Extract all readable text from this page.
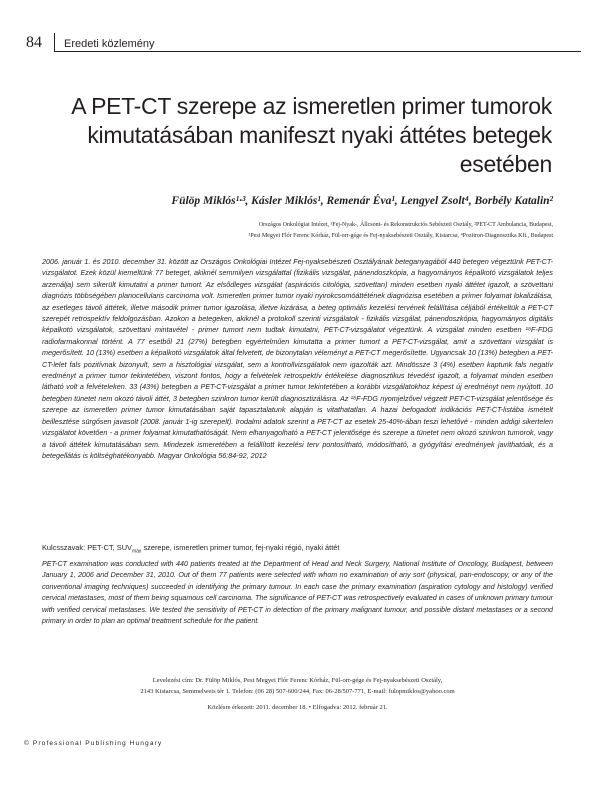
84 Eredeti közlemény
A PET-CT szerepe az ismeretlen primer tumorok kimutatásában manifeszt nyaki áttétes betegek esetében
Fülöp Miklós¹·³, Kásler Miklós¹, Remenár Éva¹, Lengyel Zsolt⁴, Borbély Katalin²
Országos Onkológiai Intézet, ¹Fej-Nyak-, Állcsont- és Rekonstrukciós Sebészeti Osztály, ²PET-CT Ambulancia, Budapest,
³Pest Megyei Flór Ferenc Kórház, Fül-orr-gége és Fej-nyaksebészeti Osztály, Kistarcsa, ⁴Pozitron-Diagnosztika Kft., Budapest
2006. január 1. és 2010. december 31. között az Országos Onkológiai Intézet Fej-nyaksebészeti Osztályának beteganyagából 440 betegen végeztünk PET-CT-vizsgálatot. Ezek közül kiemeltünk 77 beteget, akiknél semmilyen vizsgálattal (fizikális vizsgálat, pánendoszkópia, a hagyományos képalkotó vizsgálatok teljes arzenálja) sem sikerült kimutatni a primer tumort. Az elsődleges vizsgálat (aspirációs citológia, szövettan) minden esetben nyaki áttétet igazolt, a szövettani diagnózis többségében planocellularis carcinoma volt. Ismeretlen primer tumor nyaki nyirokcsomóáttétének diagnózisa esetében a primer folyamat lokalizálása, az esetleges távoli áttétek, illetve második primer tumor igazolása, illetve kizárása, a beteg optimális kezelési tervének felállítása céljából értékeltük a PET-CT szerepét retrospektív feldolgozásban. Azokon a betegeken, akiknél a protokoll szerinti vizsgálatok - fizikális vizsgálat, pánendoszkópia, hagyományos digitális képalkotó vizsgálatok, szövettani mintavétel - primer tumort nem tudtak kimutatni, PET-CT-vizsgálatot végeztünk. A vizsgálat minden esetben ¹⁸F-FDG radiofarmakonnal történt. A 77 esetből 21 (27%) betegben egyértelműen kimutatta a primer tumort a PET-CT-vizsgálat, amit a szövettani vizsgálat is megerősített. 10 (13%) esetben a képalkotó vizsgálatok által felvetett, de bizonytalan véleményt a PET-CT megerősítette. Ugyancsak 10 (13%) betegben a PET-CT-lelet fals pozitívnak bizonyult, sem a hisztológiai vizsgálat, sem a kontrollvizsgálatok nem igazolták azt. Mindössze 3 (4%) esetben kaptunk fals negatív eredményt a primer tumor tekintetében, viszont fontos, hogy a felvételek retrospektív értékelése diagnosztikus tévedést igazolt, a folyamat minden esetben látható volt a felvételeken. 33 (43%) betegben a PET-CT-vizsgálat a primer tumor tekintetében a korábbi vizsgálatokhoz képest új eredményt nem nyújtott. 10 betegben tünetet nem okozó távoli áttét, 3 betegben szinkron tumor került diagnosztizálásra. Az ¹⁸F-FDG nyomjelzővel végzett PET-CT-vizsgálat jelentősége és szerepe az ismeretlen primer tumor kimutatásában saját tapasztalatunk alapján is vitathatatlan. A hazai befogadott indikációs PET-CT-listába ismételt beillesztése sürgősen javasolt (2008. január 1-ig szerepelt). Irodalmi adatok szerint a PET-CT az esetek 25-40%-ában teszi lehetővé - minden addigi sikertelen vizsgálatot követően - a primer folyamat kimutathatóságát. Nem elhanyagolható a PET-CT jelentősége és szerepe a tünetet nem okozó szinkron tumorok, vagy a távoli áttétek kimutatásában sem. Mindezek ismeretében a felállított kezelési terv pontosítható, módosítható, a gyógyítási eredmények javíthatóak, és a betegellátás is költséghatékonyabb. Magyar Onkológia 56:84-92, 2012
Kulcsszavak: PET-CT, $SUV_{max}$ szerepe, ismeretlen primer tumor, fej-nyaki régió, nyaki áttét
PET-CT examination was conducted with 440 patients treated at the Department of Head and Neck Surgery, National Institute of Oncology, Budapest, between January 1, 2006 and December 31, 2010. Out of them 77 patients were selected with whom no examination of any sort (physical, pan-endoscopy, or any of the conventional imaging techniques) succeeded in identifying the primary tumour. In each case the primary examination (aspiration cytology and histology) verified cervical metastases, most of them being squamous cell carcinoma. The significance of PET-CT was retrospectively evaluated in cases of unknown primary tumour with verified cervical metastases. We tested the sensitivity of PET-CT in detection of the primary malignant tumour, and possible distant metastases or a second primary in order to plan an optimal treatment schedule for the patient.
Levelezési cím: Dr. Fülöp Miklós, Pest Megyei Flór Ferenc Kórház, Fül-orr-gége és Fej-nyaksebészeti Osztály,
2143 Kistarcsa, Semmelweis tér 1. Telefon: (06 28) 507-600/244, Fax: 06-28/507-771, E-mail: fulopmiklos@yahoo.com
Közlésre érkezett: 2011. december 18. • Elfogadva: 2012. február 21.
© Professional Publishing Hungary
